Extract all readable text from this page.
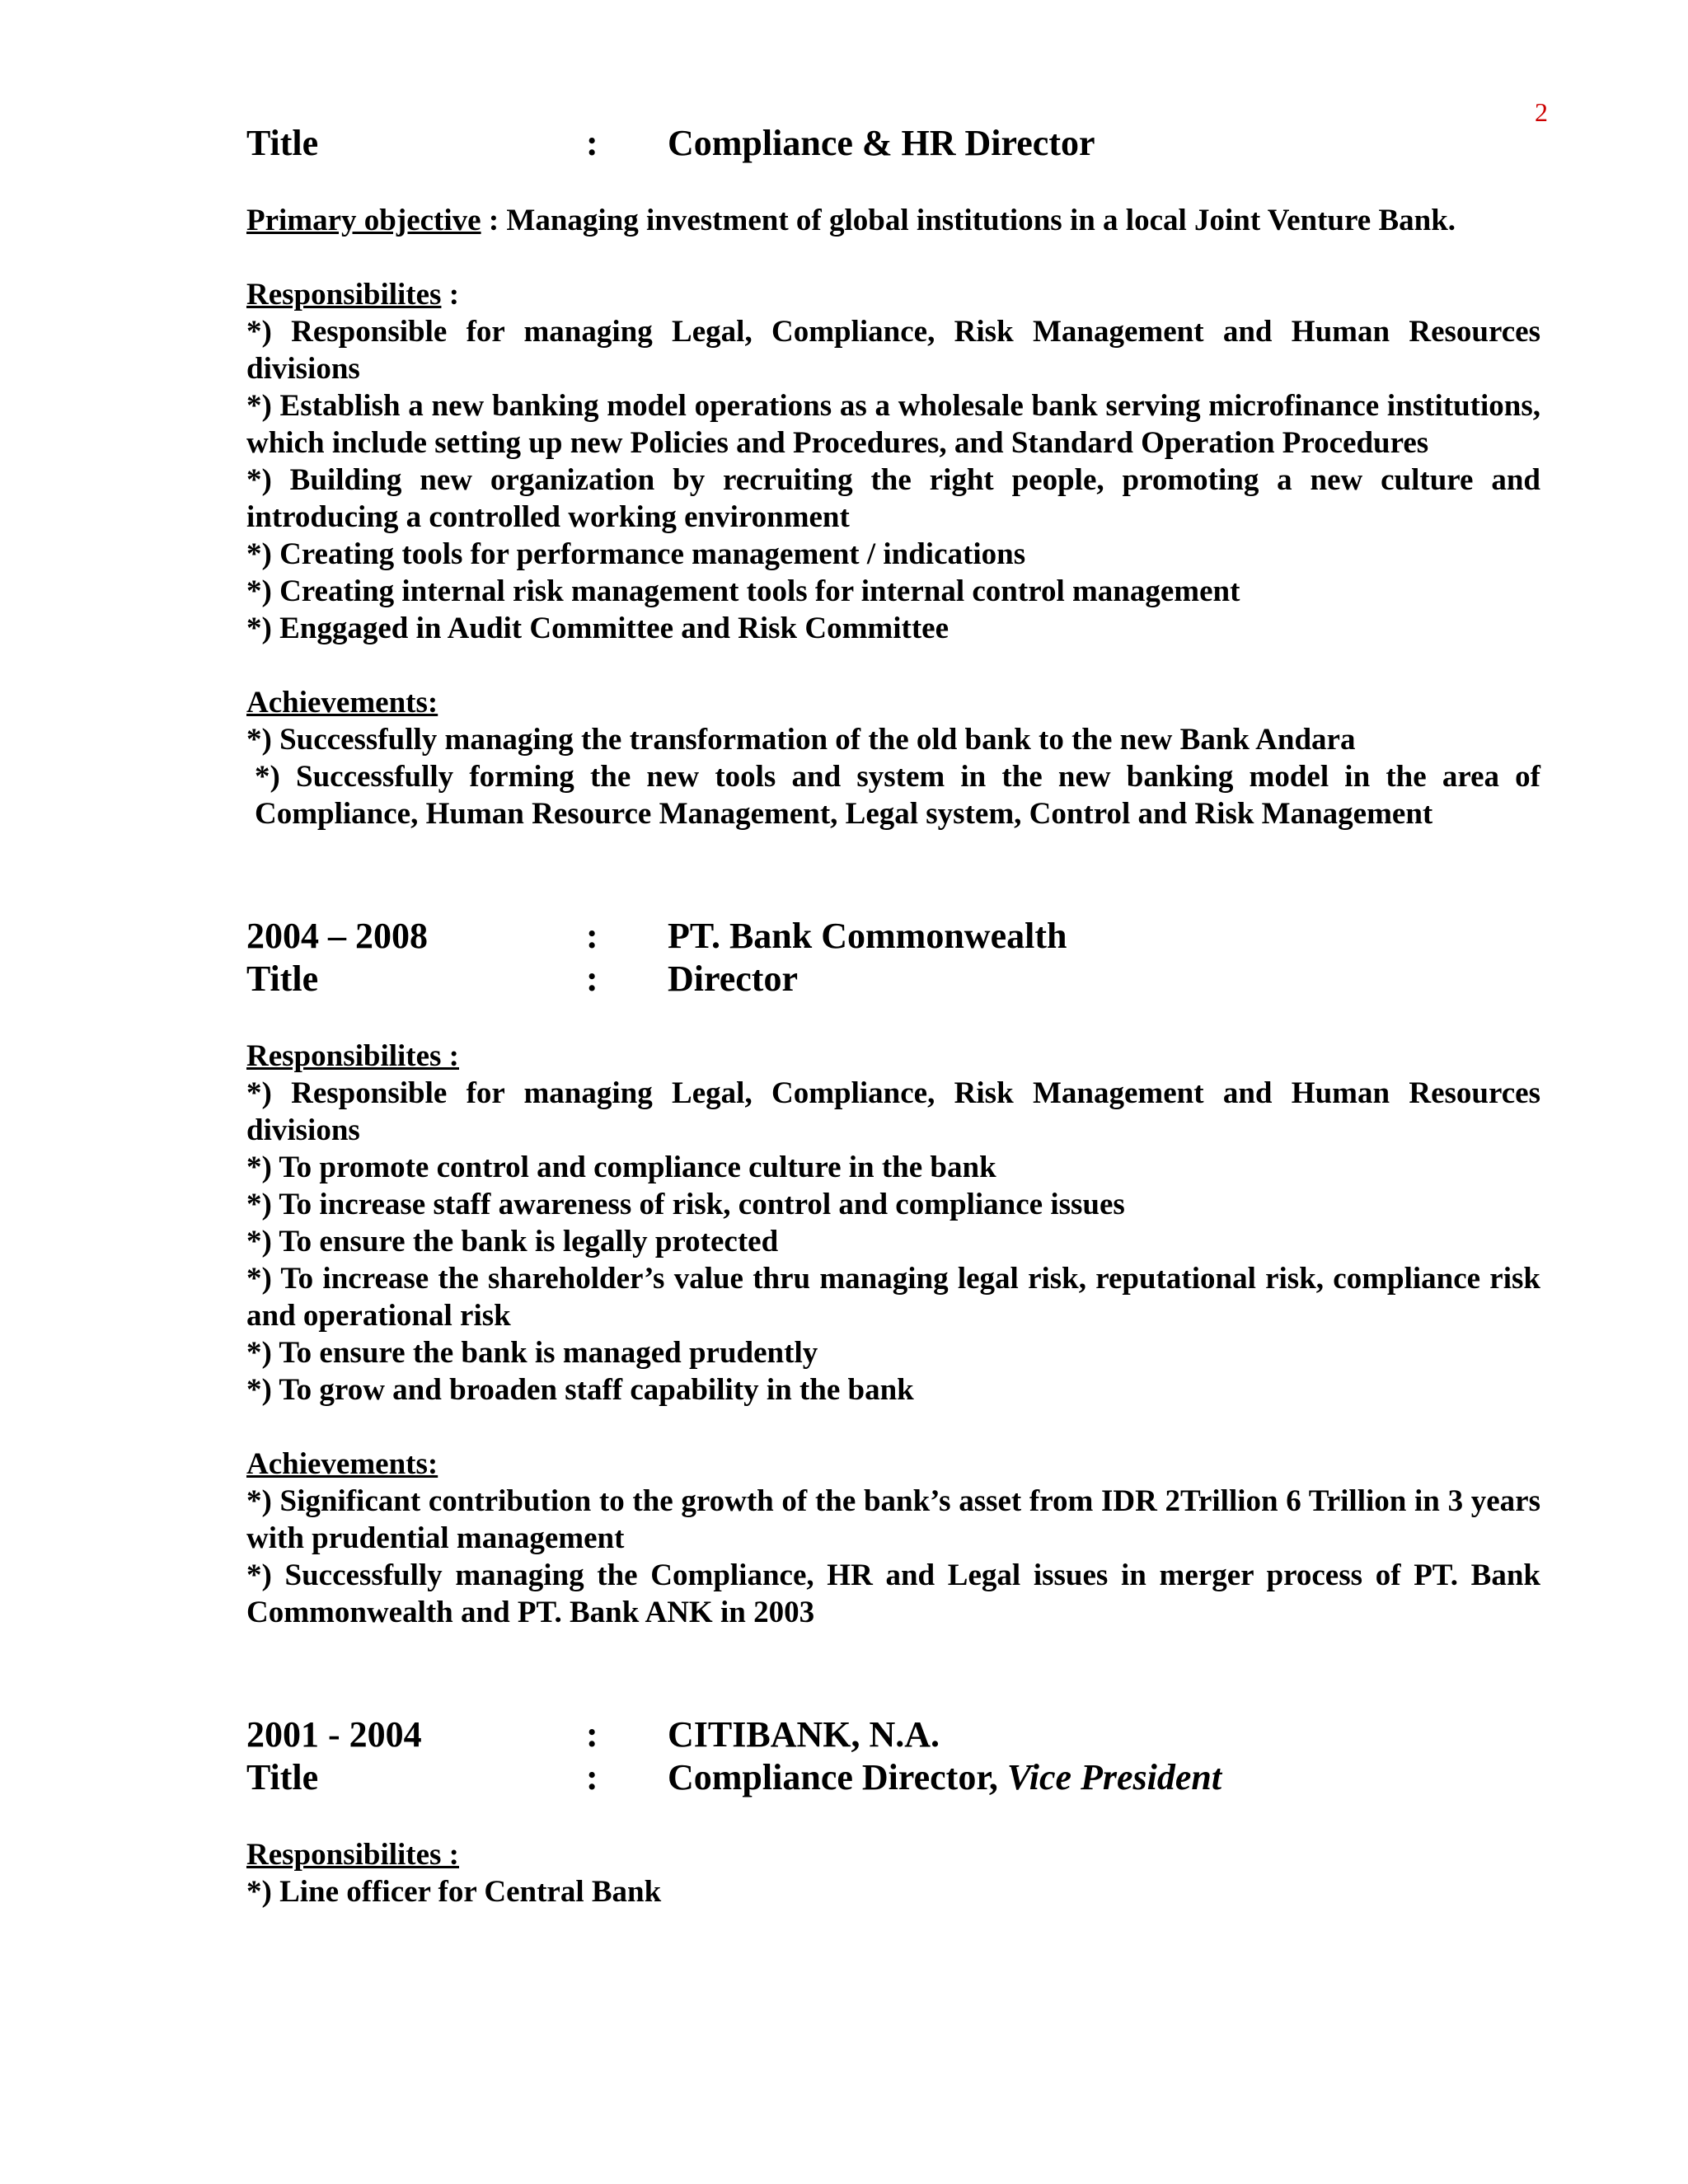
2
Title	:	Compliance & HR Director

Primary objective : Managing investment of global institutions in a local Joint Venture Bank.

Responsibilites :

*) Responsible for managing Legal, Compliance, Risk Management and Human Resources divisions
*) Establish a new banking model operations as a wholesale bank serving microfinance institutions, which include setting up new Policies and Procedures, and Standard Operation Procedures
*) Building new organization by recruiting the right people, promoting a new culture and introducing a controlled working environment
*) Creating tools for performance management / indications
*) Creating internal risk management tools for internal control management
*) Enggaged in Audit Committee and Risk Committee

Achievements:

*) Successfully managing the transformation of the old bank to the new Bank Andara
*) Successfully forming the new tools and system in the new banking model in the area of Compliance, Human Resource Management, Legal system, Control and Risk Management
2004 – 2008	:	PT. Bank Commonwealth
Title	:	Director

Responsibilites :

*) Responsible for managing Legal, Compliance, Risk Management and Human Resources divisions
*) To promote control and compliance culture in the bank
*) To increase staff awareness of risk, control and compliance issues
*) To ensure the bank is legally protected
*) To increase the shareholder’s value thru managing legal risk, reputational risk, compliance risk and operational risk
*) To ensure the bank is managed prudently
*) To grow and broaden staff capability in the bank

Achievements:

*) Significant contribution to the growth of the bank’s asset from IDR 2Trillion 6 Trillion in 3 years with prudential management
*) Successfully managing the Compliance, HR and Legal issues in merger process of PT. Bank Commonwealth and PT. Bank ANK in 2003
2001 - 2004	:	CITIBANK, N.A.
Title	:	Compliance Director, Vice President

Responsibilites :

*) Line officer for Central Bank
